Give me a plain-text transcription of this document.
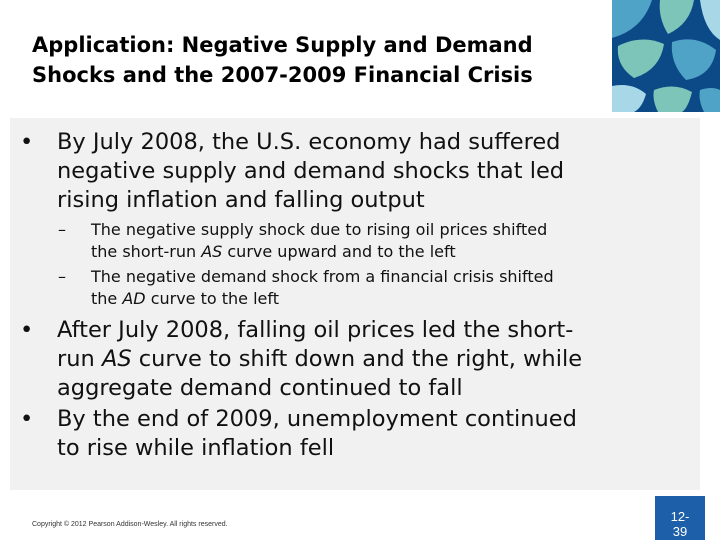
Application: Negative Supply and Demand
Shocks and the 2007-2009 Financial Crisis
• By July 2008, the U.S. economy had suffered
negative supply and demand shocks that led
rising inflation and falling output
– The negative supply shock due to rising oil prices shifted
the short-run AS curve upward and to the left
– The negative demand shock from a financial crisis shifted
the AD curve to the left
• After July 2008, falling oil prices led the short-
run AS curve to shift down and the right, while
aggregate demand continued to fall
• By the end of 2009, unemployment continued
to rise while inflation fell
Copyright © 2012 Pearson Addison-Wesley. All rights reserved.
12-
39
